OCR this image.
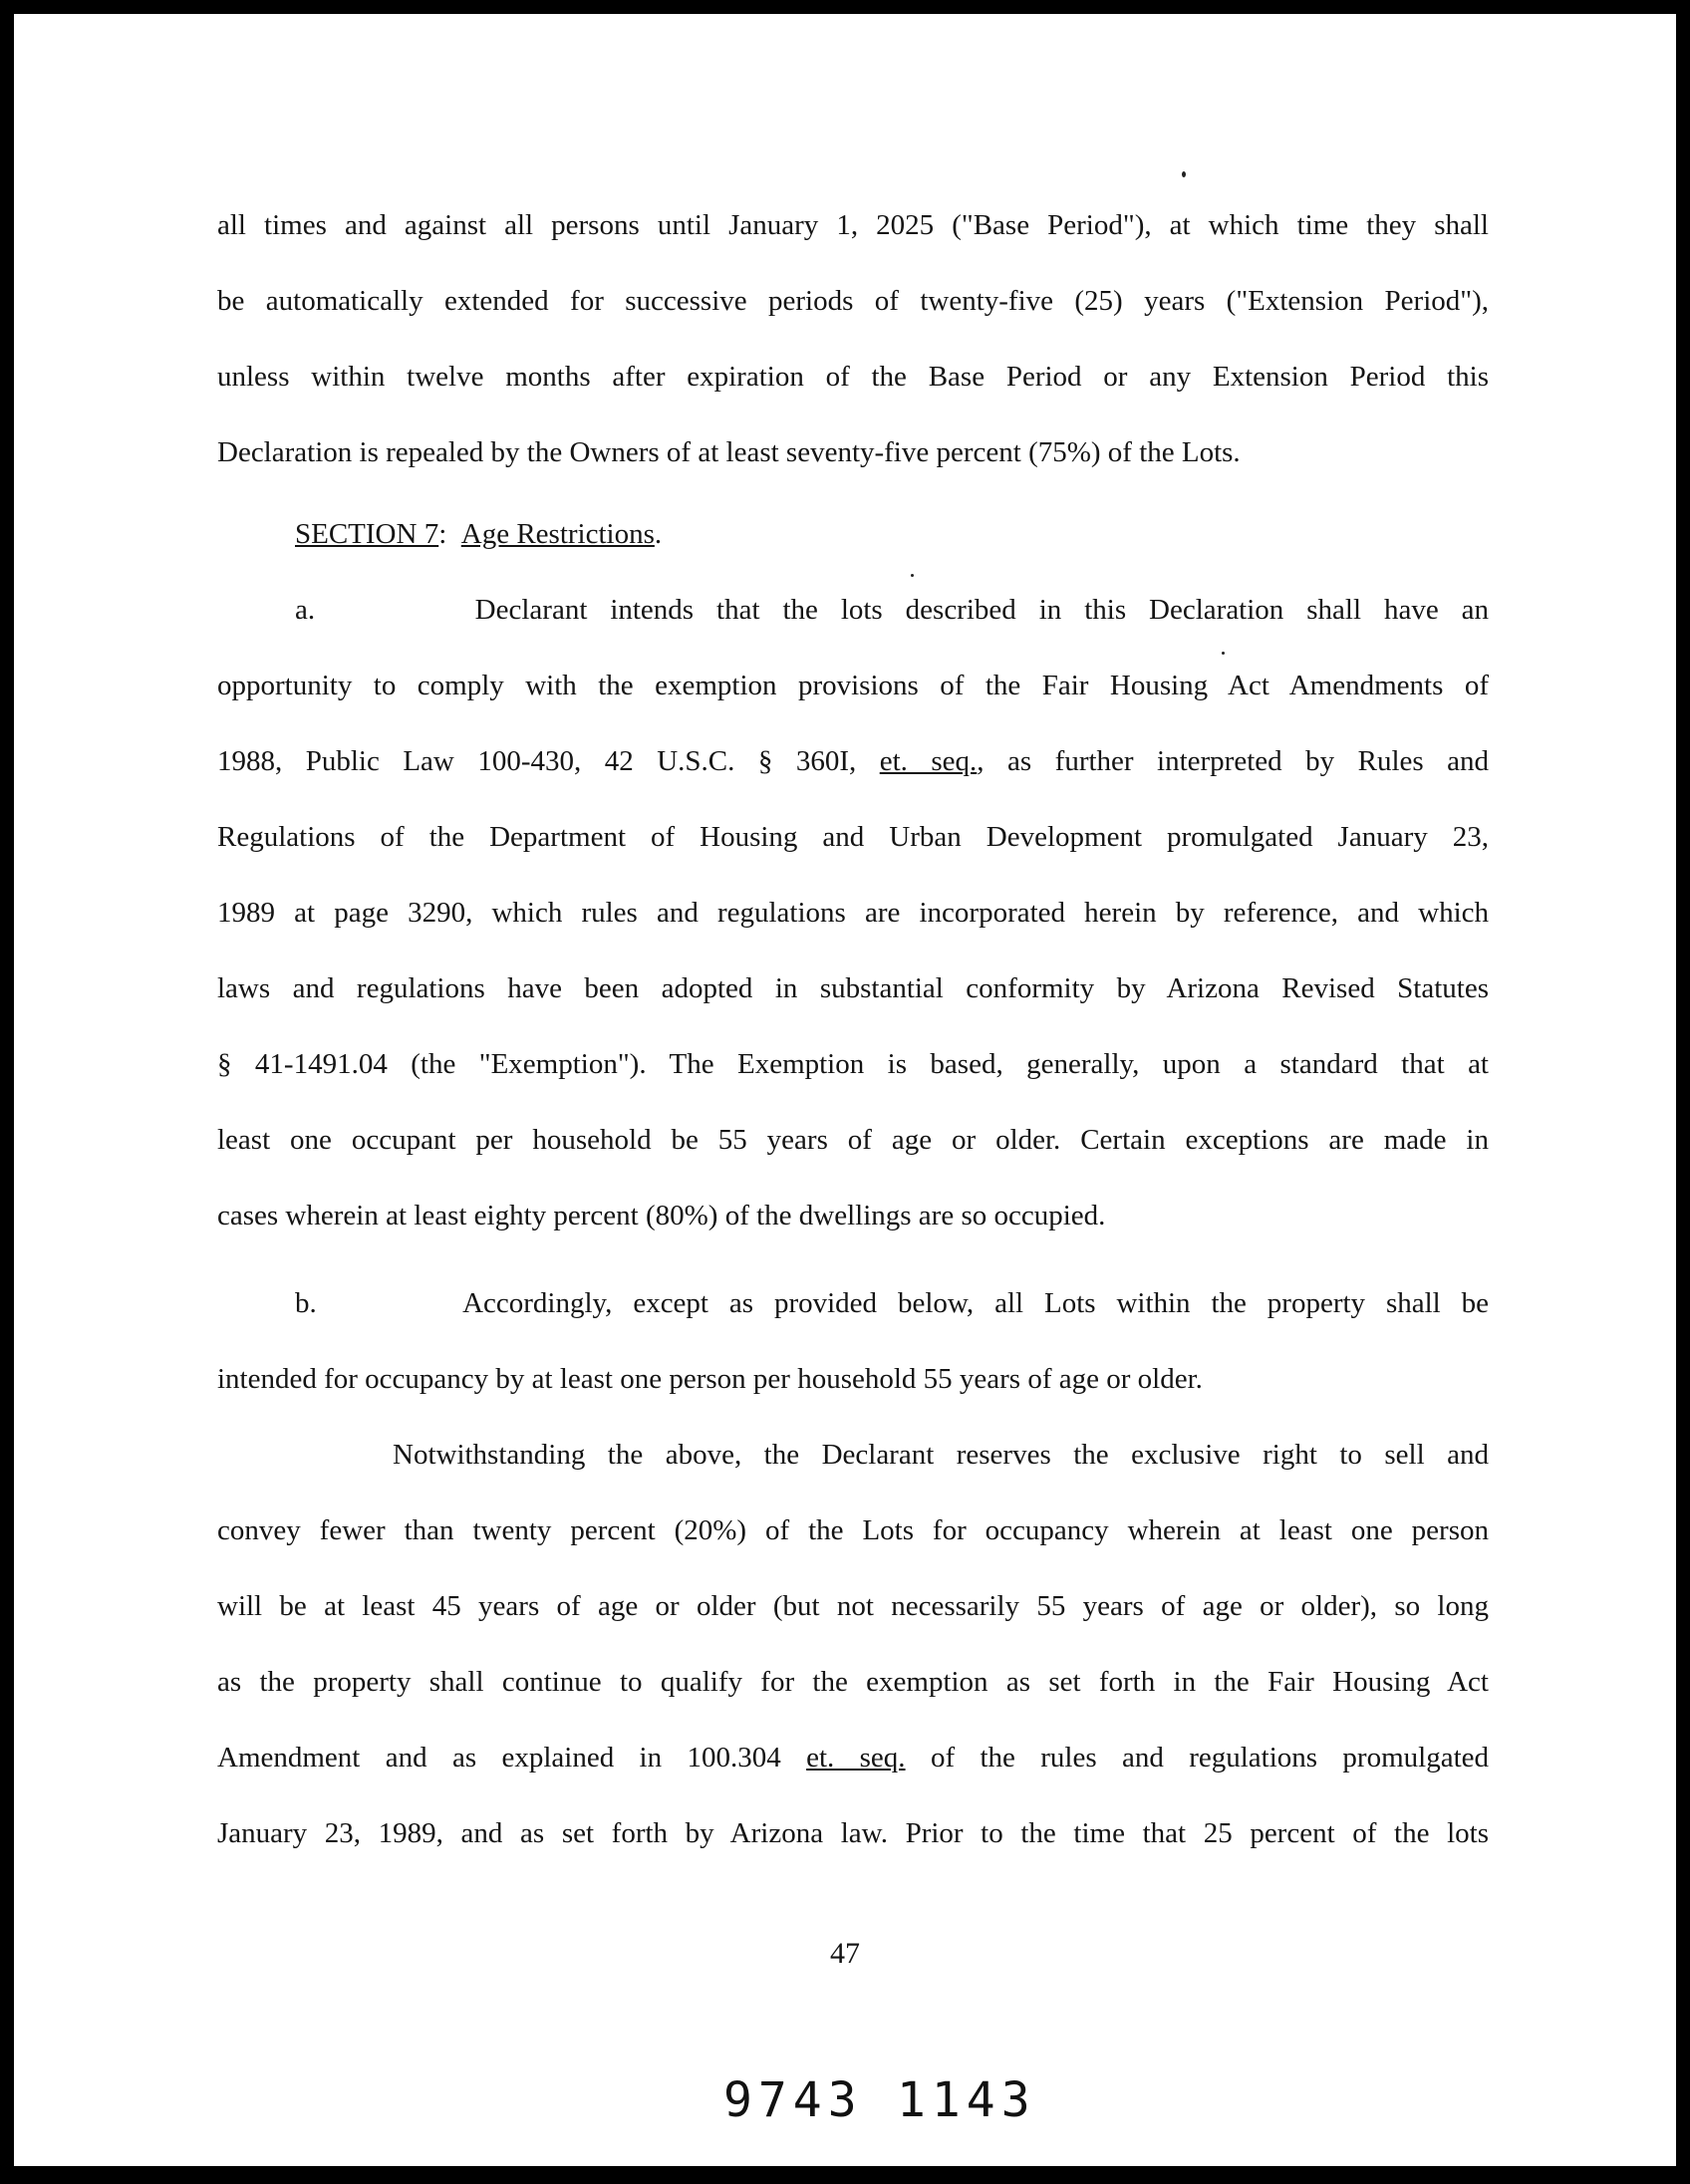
all times and against all persons until January 1, 2025 ("Base Period"), at which time they shall
be automatically extended for successive periods of twenty-five (25) years ("Extension Period"),
unless within twelve months after expiration of the Base Period or any Extension Period this
Declaration is repealed by the Owners of at least seventy-five percent (75%) of the Lots.
SECTION 7: Age Restrictions.
a.       Declarant intends that the lots described in this Declaration shall have an
opportunity to comply with the exemption provisions of the Fair Housing Act Amendments of
1988, Public Law 100-430, 42 U.S.C. § 360I, et. seq., as further interpreted by Rules and
Regulations of the Department of Housing and Urban Development promulgated January 23,
1989 at page 3290, which rules and regulations are incorporated herein by reference, and which
laws and regulations have been adopted in substantial conformity by Arizona Revised Statutes
§ 41-1491.04 (the "Exemption"). The Exemption is based, generally, upon a standard that at
least one occupant per household be 55 years of age or older. Certain exceptions are made in
cases wherein at least eighty percent (80%) of the dwellings are so occupied.
b.       Accordingly, except as provided below, all Lots within the property shall be
intended for occupancy by at least one person per household 55 years of age or older.
Notwithstanding the above, the Declarant reserves the exclusive right to sell and
convey fewer than twenty percent (20%) of the Lots for occupancy wherein at least one person
will be at least 45 years of age or older (but not necessarily 55 years of age or older), so long
as the property shall continue to qualify for the exemption as set forth in the Fair Housing Act
Amendment and as explained in 100.304 et. seq. of the rules and regulations promulgated
January 23, 1989, and as set forth by Arizona law. Prior to the time that 25 percent of the lots
47
9743 1143
